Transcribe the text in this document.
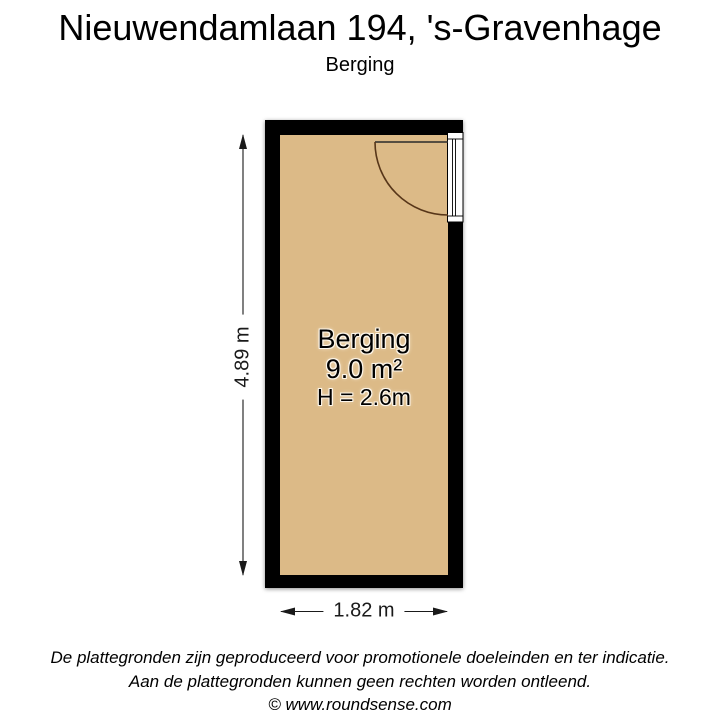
Nieuwendamlaan 194, 's-Gravenhage
Berging
Berging
9.0 m²
H = 2.6m
4.89 m
1.82 m
De plattegronden zijn geproduceerd voor promotionele doeleinden en ter indicatie.
Aan de plattegronden kunnen geen rechten worden ontleend.
© www.roundsense.com
